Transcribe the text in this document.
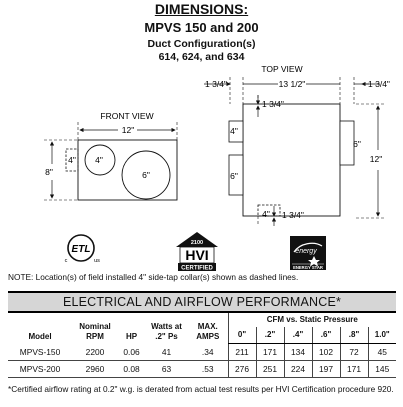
DIMENSIONS:
MPVS 150 and 200
Duct Configuration(s)
614, 624, and 634
TOP VIEW
1 3/4"	13 1/2"	1 3/4"
4"
6"
6"
4"
1 3/4"
1 3/4"
12"
FRONT VIEW
12"
8"
4" 4"
6"
ETL
c	us
2100
HVI
CERTIFIED
energy
ENERGY STAR
NOTE: Location(s) of field installed 4" side-tap collar(s) shown as dashed lines.
ELECTRICAL AND AIRFLOW PERFORMANCE*										
Model	Nominal RPM	HP	Watts at .2" Ps	MAX. AMPS	CFM vs. Static Pressure					
					0"	.2"	.4"	.6"	.8"	1.0"
MPVS-150	2200	0.06	41	.34	211	171	134	102	72	45
MPVS-200	2960	0.08	63	.53	276	251	224	197	171	145
*Certified airflow rating at 0.2" w.g. is derated from actual test results per HVI Certification procedure 920.
